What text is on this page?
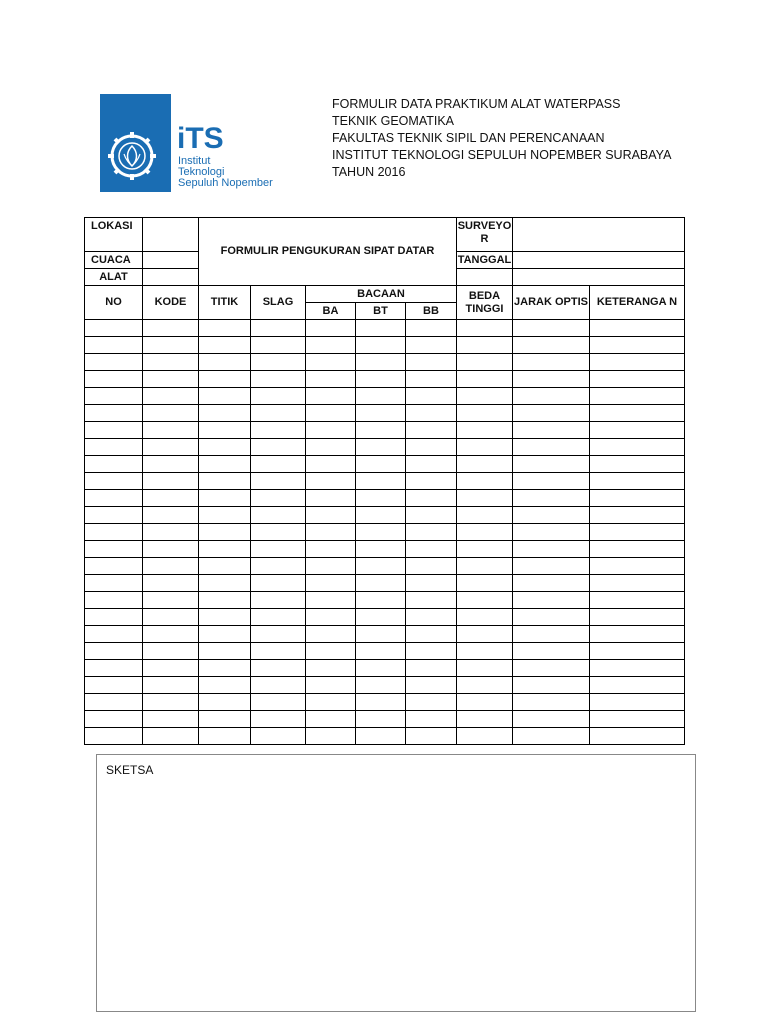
iTS
Institut
Teknologi
Sepuluh Nopember
FORMULIR DATA PRAKTIKUM ALAT WATERPASS
TEKNIK GEOMATIKA
FAKULTAS TEKNIK SIPIL DAN PERENCANAAN
INSTITUT TEKNOLOGI SEPULUH NOPEMBER SURABAYA
TAHUN 2016
LOKASI		FORMULIR PENGUKURAN SIPAT DATAR					SURVEYO R		
CUACA							TANGGAL		
ALAT									
NO	KODE	TITIK	SLAG	BACAAN			BEDA TINGGI	JARAK OPTIS	KETERANGA N
				BA	BT	BB			

SKETSA
